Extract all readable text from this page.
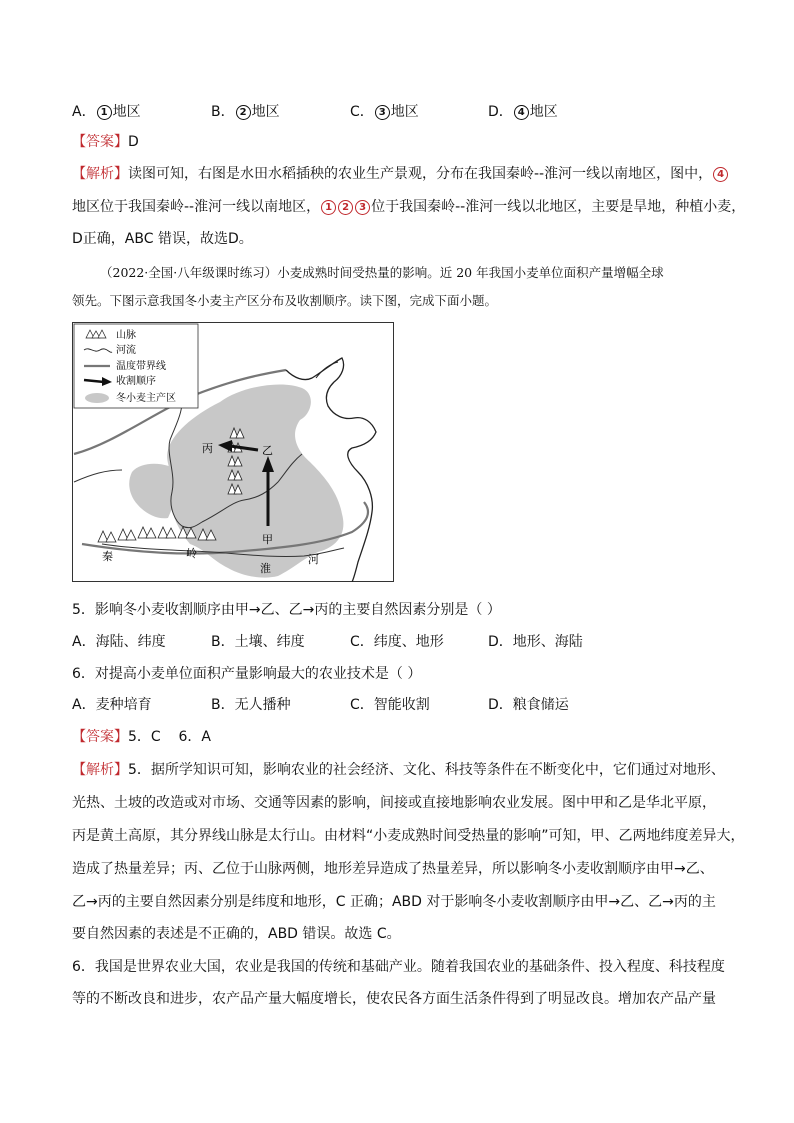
A． 1 地区	B． 2 地区	C． 3 地区	D． 4 地区
【答案】D
【解析】读图可知，右图是水田水稻插秧的农业生产景观，分布在我国秦岭--淮河一线以南地区，图中， 4
地区位于我国秦岭--淮河一线以南地区， 1 2 3 位于我国秦岭--淮河一线以北地区，主要是旱地，种植小麦，
D正确，ABC 错误，故选D。
（2022·全国·八年级课时练习）小麦成熟时间受热量的影响。近 20 年我国小麦单位面积产量增幅全球
领先。下图示意我国冬小麦主产区分布及收割顺序。读下图，完成下面小题。
丙	乙
甲
秦	岭
淮
河
山脉
河流
温度带界线
收割顺序
冬小麦主产区
5．影响冬小麦收割顺序由甲→乙、乙→丙的主要自然因素分别是（ ）
A．海陆、纬度	B．土壤、纬度	C．纬度、地形	D．地形、海陆
6．对提高小麦单位面积产量影响最大的农业技术是（ ）
A．麦种培育	B．无人播种	C．智能收割	D．粮食储运
【答案】5．C    6．A
【解析】5．据所学知识可知，影响农业的社会经济、文化、科技等条件在不断变化中，它们通过对地形、
光热、土坡的改造或对市场、交通等因素的影响，间接或直接地影响农业发展。图中甲和乙是华北平原，
丙是黄土高原，其分界线山脉是太行山。由材料“小麦成熟时间受热量的影响”可知，甲、乙两地纬度差异大，
造成了热量差异；丙、乙位于山脉两侧，地形差异造成了热量差异，所以影响冬小麦收割顺序由甲→乙、
乙→丙的主要自然因素分别是纬度和地形，C 正确；ABD 对于影响冬小麦收割顺序由甲→乙、乙→丙的主
要自然因素的表述是不正确的，ABD 错误。故选 C。
6．我国是世界农业大国，农业是我国的传统和基础产业。随着我国农业的基础条件、投入程度、科技程度
等的不断改良和进步，农产品产量大幅度增长，使农民各方面生活条件得到了明显改良。增加农产品产量
